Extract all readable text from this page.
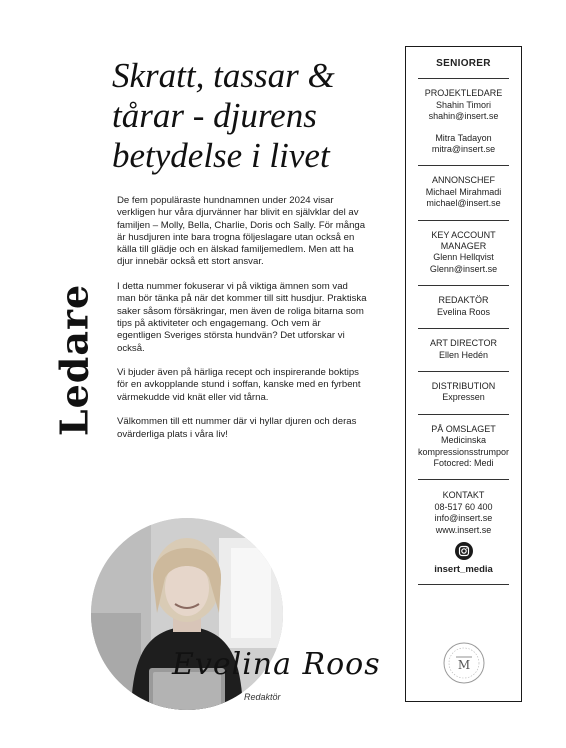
Ledare
Skratt, tassar & tårar - djurens betydelse i livet

De fem populäraste hundnamnen under 2024 visar verkligen hur våra djurvänner har blivit en självklar del av familjen – Molly, Bella, Charlie, Doris och Sally. För många är husdjuren inte bara trogna följeslagare utan också en källa till glädje och en älskad familjemedlem. Men att ha djur innebär också ett stort ansvar.

I detta nummer fokuserar vi på viktiga ämnen som vad man bör tänka på när det kommer till sitt husdjur. Praktiska saker såsom försäkringar, men även de roliga bitarna som tips på aktiviteter och engagemang. Och vem är egentligen Sveriges största hundvän? Det utforskar vi också.

Vi bjuder även på härliga recept och inspirerande boktips för en avkopplande stund i soffan, kanske med en fyrbent värmekudde vid knät eller vid tårna.

Välkommen till ett nummer där vi hyllar djuren och deras ovärderliga plats i våra liv!

Evelina Roos
Redaktör
SENIORER
PROJEKTLEDARE
Shahin Timori
shahin@insert.se
Mitra Tadayon
mitra@insert.se
ANNONSCHEF
Michael Mirahmadi
michael@insert.se
KEY ACCOUNT
MANAGER
Glenn Hellqvist
Glenn@insert.se
REDAKTÖR
Evelina Roos
ART DIRECTOR
Ellen Hedén
DISTRIBUTION
Expressen
PÅ OMSLAGET
Medicinska
kompressionsstrumpor
Fotocred: Medi
KONTAKT
08-517 60 400
info@insert.se
www.insert.se
insert_media
M
